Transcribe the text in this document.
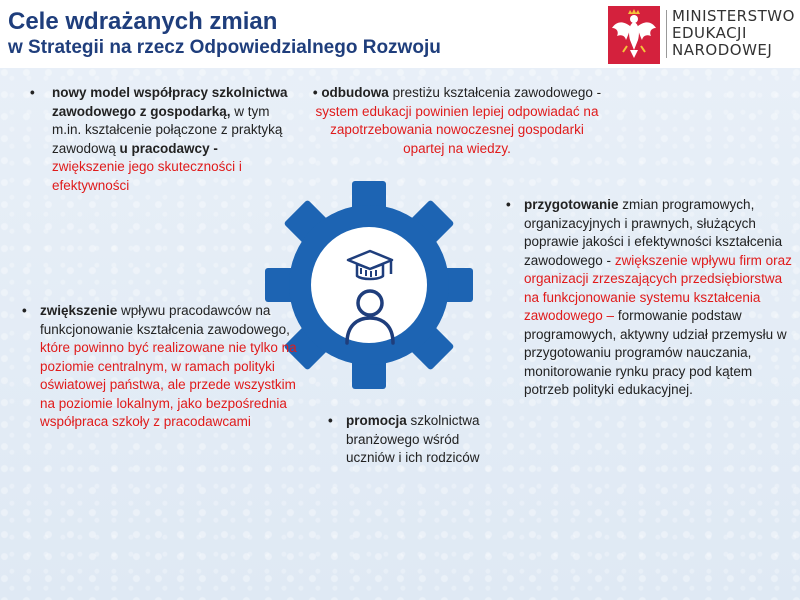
Cele wdrażanych zmian
w Strategii na rzecz Odpowiedzialnego Rozwoju
MINISTERSTWO
EDUKACJI
NARODOWEJ
•	nowy model współpracy szkolnictwa zawodowego z gospodarką, w tym m.in. kształcenie połączone z praktyką zawodową u pracodawcy - zwiększenie jego skuteczności i efektywności
• odbudowa prestiżu kształcenia zawodowego - system edukacji powinien lepiej odpowiadać na zapotrzebowania nowoczesnej gospodarki opartej na wiedzy.
• przygotowanie zmian programowych, organizacyjnych i prawnych, służących poprawie jakości i efektywności kształcenia zawodowego - zwiększenie wpływu firm oraz organizacji zrzeszających przedsiębiorstwa na funkcjonowanie systemu kształcenia zawodowego – formowanie podstaw programowych, aktywny udział przemysłu w przygotowaniu programów nauczania, monitorowanie rynku pracy pod kątem potrzeb polityki edukacyjnej.
• zwiększenie wpływu pracodawców na funkcjonowanie kształcenia zawodowego, które powinno być realizowane nie tylko na poziomie centralnym, w ramach polityki oświatowej państwa, ale przede wszystkim na poziomie lokalnym, jako bezpośrednia współpraca szkoły z pracodawcami	• promocja szkolnictwa branżowego wśród uczniów i ich rodziców
